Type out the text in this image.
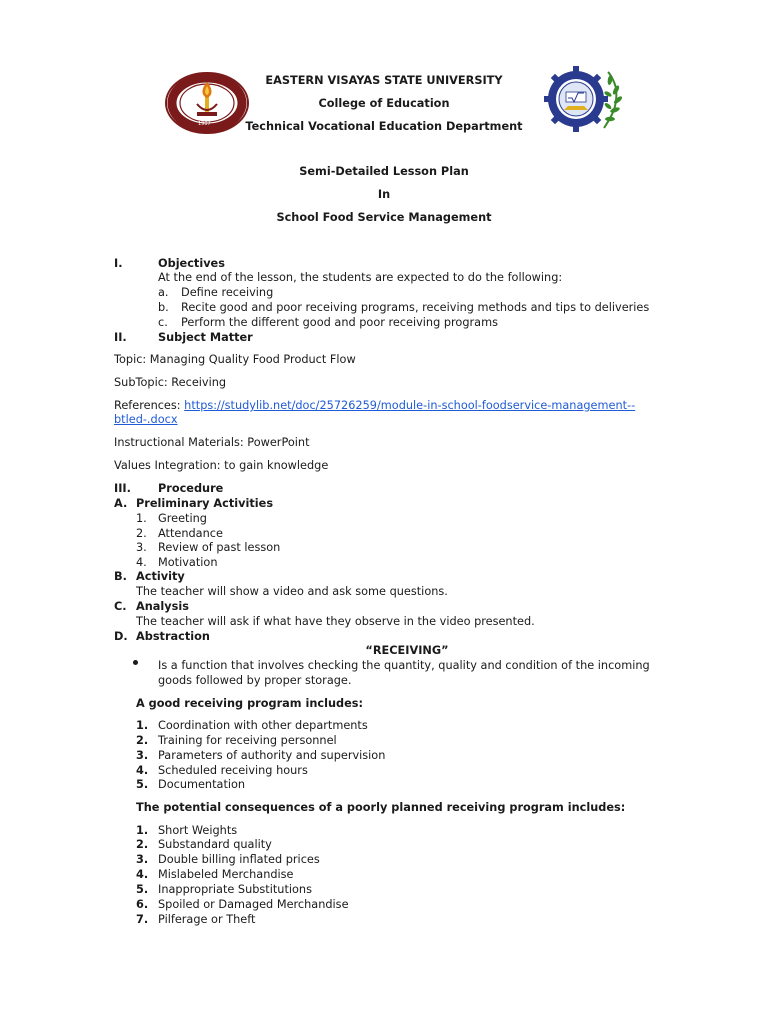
1907
EASTERN VISAYAS STATE UNIVERSITY
College of Education
Technical Vocational Education Department
Semi-Detailed Lesson Plan
In
School Food Service Management
I.	Objectives
At the end of the lesson, the students are expected to do the following:
a. Define receiving
b. Recite good and poor receiving programs, receiving methods and tips to deliveries
c. Perform the different good and poor receiving programs
II.	Subject Matter
Topic: Managing Quality Food Product Flow
SubTopic: Receiving
References: https://studylib.net/doc/25726259/module-in-school-foodservice-management--
btled-.docx
Instructional Materials: PowerPoint
Values Integration: to gain knowledge
III. Procedure
A. Preliminary Activities
1. Greeting
2. Attendance
3. Review of past lesson
4. Motivation
B. Activity
The teacher will show a video and ask some questions.
C. Analysis
The teacher will ask if what have they observe in the video presented.
D. Abstraction
“RECEIVING”
Is a function that involves checking the quantity, quality and condition of the incoming
goods followed by proper storage.
A good receiving program includes:
1. Coordination with other departments
2. Training for receiving personnel
3. Parameters of authority and supervision
4. Scheduled receiving hours
5. Documentation
The potential consequences of a poorly planned receiving program includes:
1. Short Weights
2. Substandard quality
3. Double billing inflated prices
4. Mislabeled Merchandise
5. Inappropriate Substitutions
6. Spoiled or Damaged Merchandise
7. Pilferage or Theft
